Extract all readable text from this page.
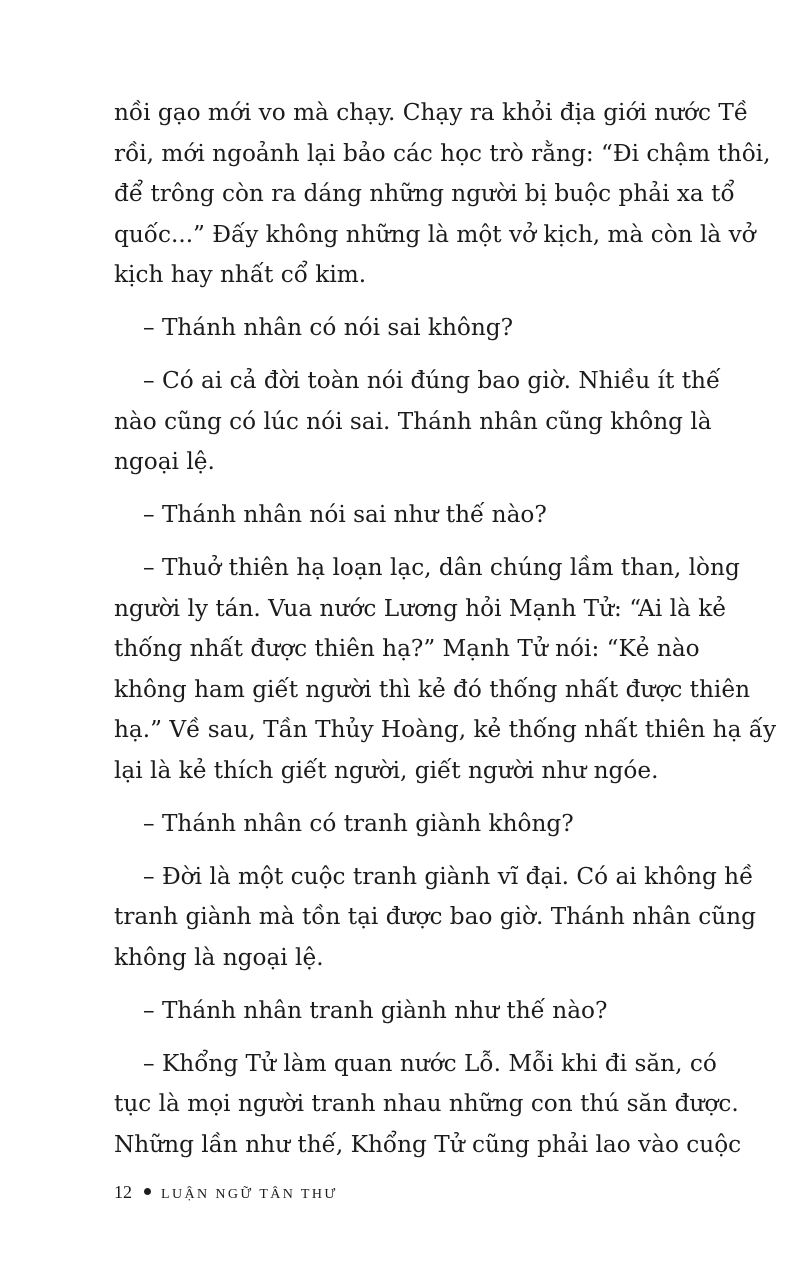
nồi gạo mới vo mà chạy. Chạy ra khỏi địa giới nước Tề
rồi, mới ngoảnh lại bảo các học trò rằng: “Đi chậm thôi,
để trông còn ra dáng những người bị buộc phải xa tổ
quốc...” Đấy không những là một vở kịch, mà còn là vở
kịch hay nhất cổ kim.
– Thánh nhân có nói sai không?
– Có ai cả đời toàn nói đúng bao giờ. Nhiều ít thế
nào cũng có lúc nói sai. Thánh nhân cũng không là
ngoại lệ.
– Thánh nhân nói sai như thế nào?
– Thuở thiên hạ loạn lạc, dân chúng lầm than, lòng
người ly tán. Vua nước Lương hỏi Mạnh Tử: “Ai là kẻ
thống nhất được thiên hạ?” Mạnh Tử nói: “Kẻ nào
không ham giết người thì kẻ đó thống nhất được thiên
hạ.” Về sau, Tần Thủy Hoàng, kẻ thống nhất thiên hạ ấy
lại là kẻ thích giết người, giết người như ngóe.
– Thánh nhân có tranh giành không?
– Đời là một cuộc tranh giành vĩ đại. Có ai không hề
tranh giành mà tồn tại được bao giờ. Thánh nhân cũng
không là ngoại lệ.
– Thánh nhân tranh giành như thế nào?
– Khổng Tử làm quan nước Lỗ. Mỗi khi đi săn, có
tục là mọi người tranh nhau những con thú săn được.
Những lần như thế, Khổng Tử cũng phải lao vào cuộc
12 LUẬN NGỮ TÂN THƯ
